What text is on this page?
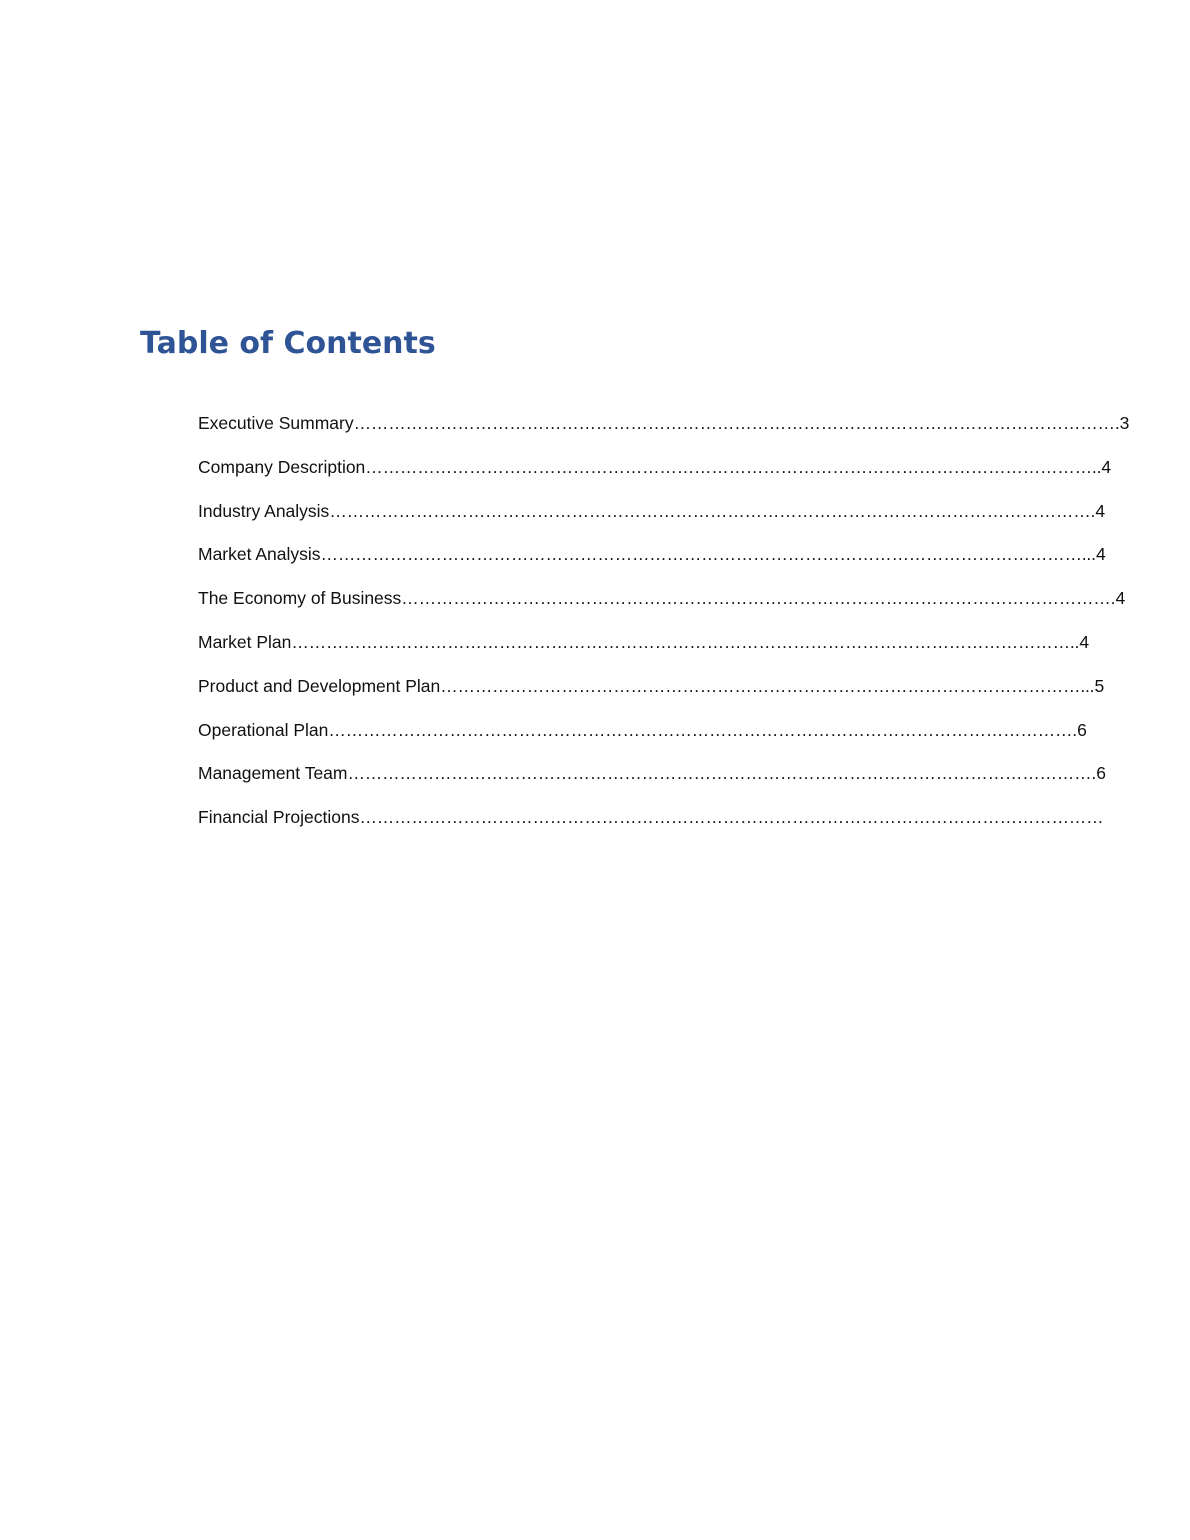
Table of Contents
Executive Summary…………………………………………………………………………………………………………………….3
Company Description………………………………………………………………………………………………………………..4
Industry Analysis…………………………………………………………………………………………………………………….4
Market Analysis……………………………………………………………………………………………………………………...4
The Economy of Business…………………………………………………………………………………………………………….4
Market Plan………………………………………………………………………………………………………………………..4
Product and Development Plan…………………………………………………………………………………………………...5
Operational Plan………………………………………………………………………………………………………………….6
Management Team………………………………………………………………………………………………………………….6
Financial Projections…………………………………………………………………………………………………………………
